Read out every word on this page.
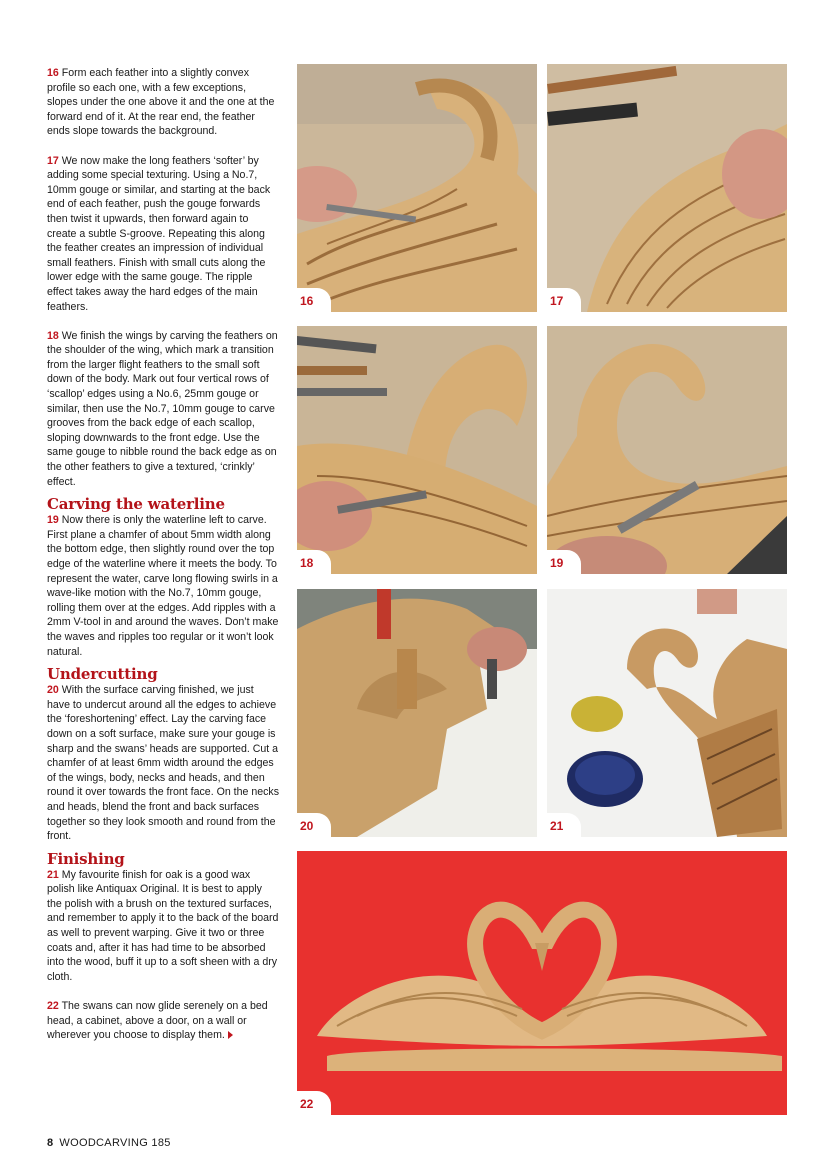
16 Form each feather into a slightly convex profile so each one, with a few exceptions, slopes under the one above it and the one at the forward end of it. At the rear end, the feather ends slope towards the background.

17 We now make the long feathers ‘softer’ by adding some special texturing. Using a No.7, 10mm gouge or similar, and starting at the back end of each feather, push the gouge forwards then twist it upwards, then forward again to create a subtle S-groove. Repeating this along the feather creates an impression of individual small feathers. Finish with small cuts along the lower edge with the same gouge. The ripple effect takes away the hard edges of the main feathers.

18 We finish the wings by carving the feathers on the shoulder of the wing, which mark a transition from the larger flight feathers to the small soft down of the body. Mark out four vertical rows of ‘scallop’ edges using a No.6, 25mm gouge or similar, then use the No.7, 10mm gouge to carve grooves from the back edge of each scallop, sloping downwards to the front edge. Use the same gouge to nibble round the back edge as on the other feathers to give a textured, ‘crinkly’ effect.

Carving the waterline

19 Now there is only the waterline left to carve. First plane a chamfer of about 5mm width along the bottom edge, then slightly round over the top edge of the waterline where it meets the body. To represent the water, carve long flowing swirls in a wave-like motion with the No.7, 10mm gouge, rolling them over at the edges. Add ripples with a 2mm V-tool in and around the waves. Don’t make the waves and ripples too regular or it won’t look natural.

Undercutting

20 With the surface carving finished, we just have to undercut around all the edges to achieve the ‘foreshortening’ effect. Lay the carving face down on a soft surface, make sure your gouge is sharp and the swans’ heads are supported. Cut a chamfer of at least 6mm width around the edges of the wings, body, necks and heads, and then round it over towards the front face. On the necks and heads, blend the front and back surfaces together so they look smooth and round from the front.

Finishing

21 My favourite finish for oak is a good wax polish like Antiquax Original. It is best to apply the polish with a brush on the textured surfaces, and remember to apply it to the back of the board as well to prevent warping. Give it two or three coats and, after it has had time to be absorbed into the wood, buff it up to a soft sheen with a dry cloth.

22 The swans can now glide serenely on a bed head, a cabinet, above a door, on a wall or wherever you choose to display them.

16	17
18	19
20	21
22
8 WOODCARVING 185
